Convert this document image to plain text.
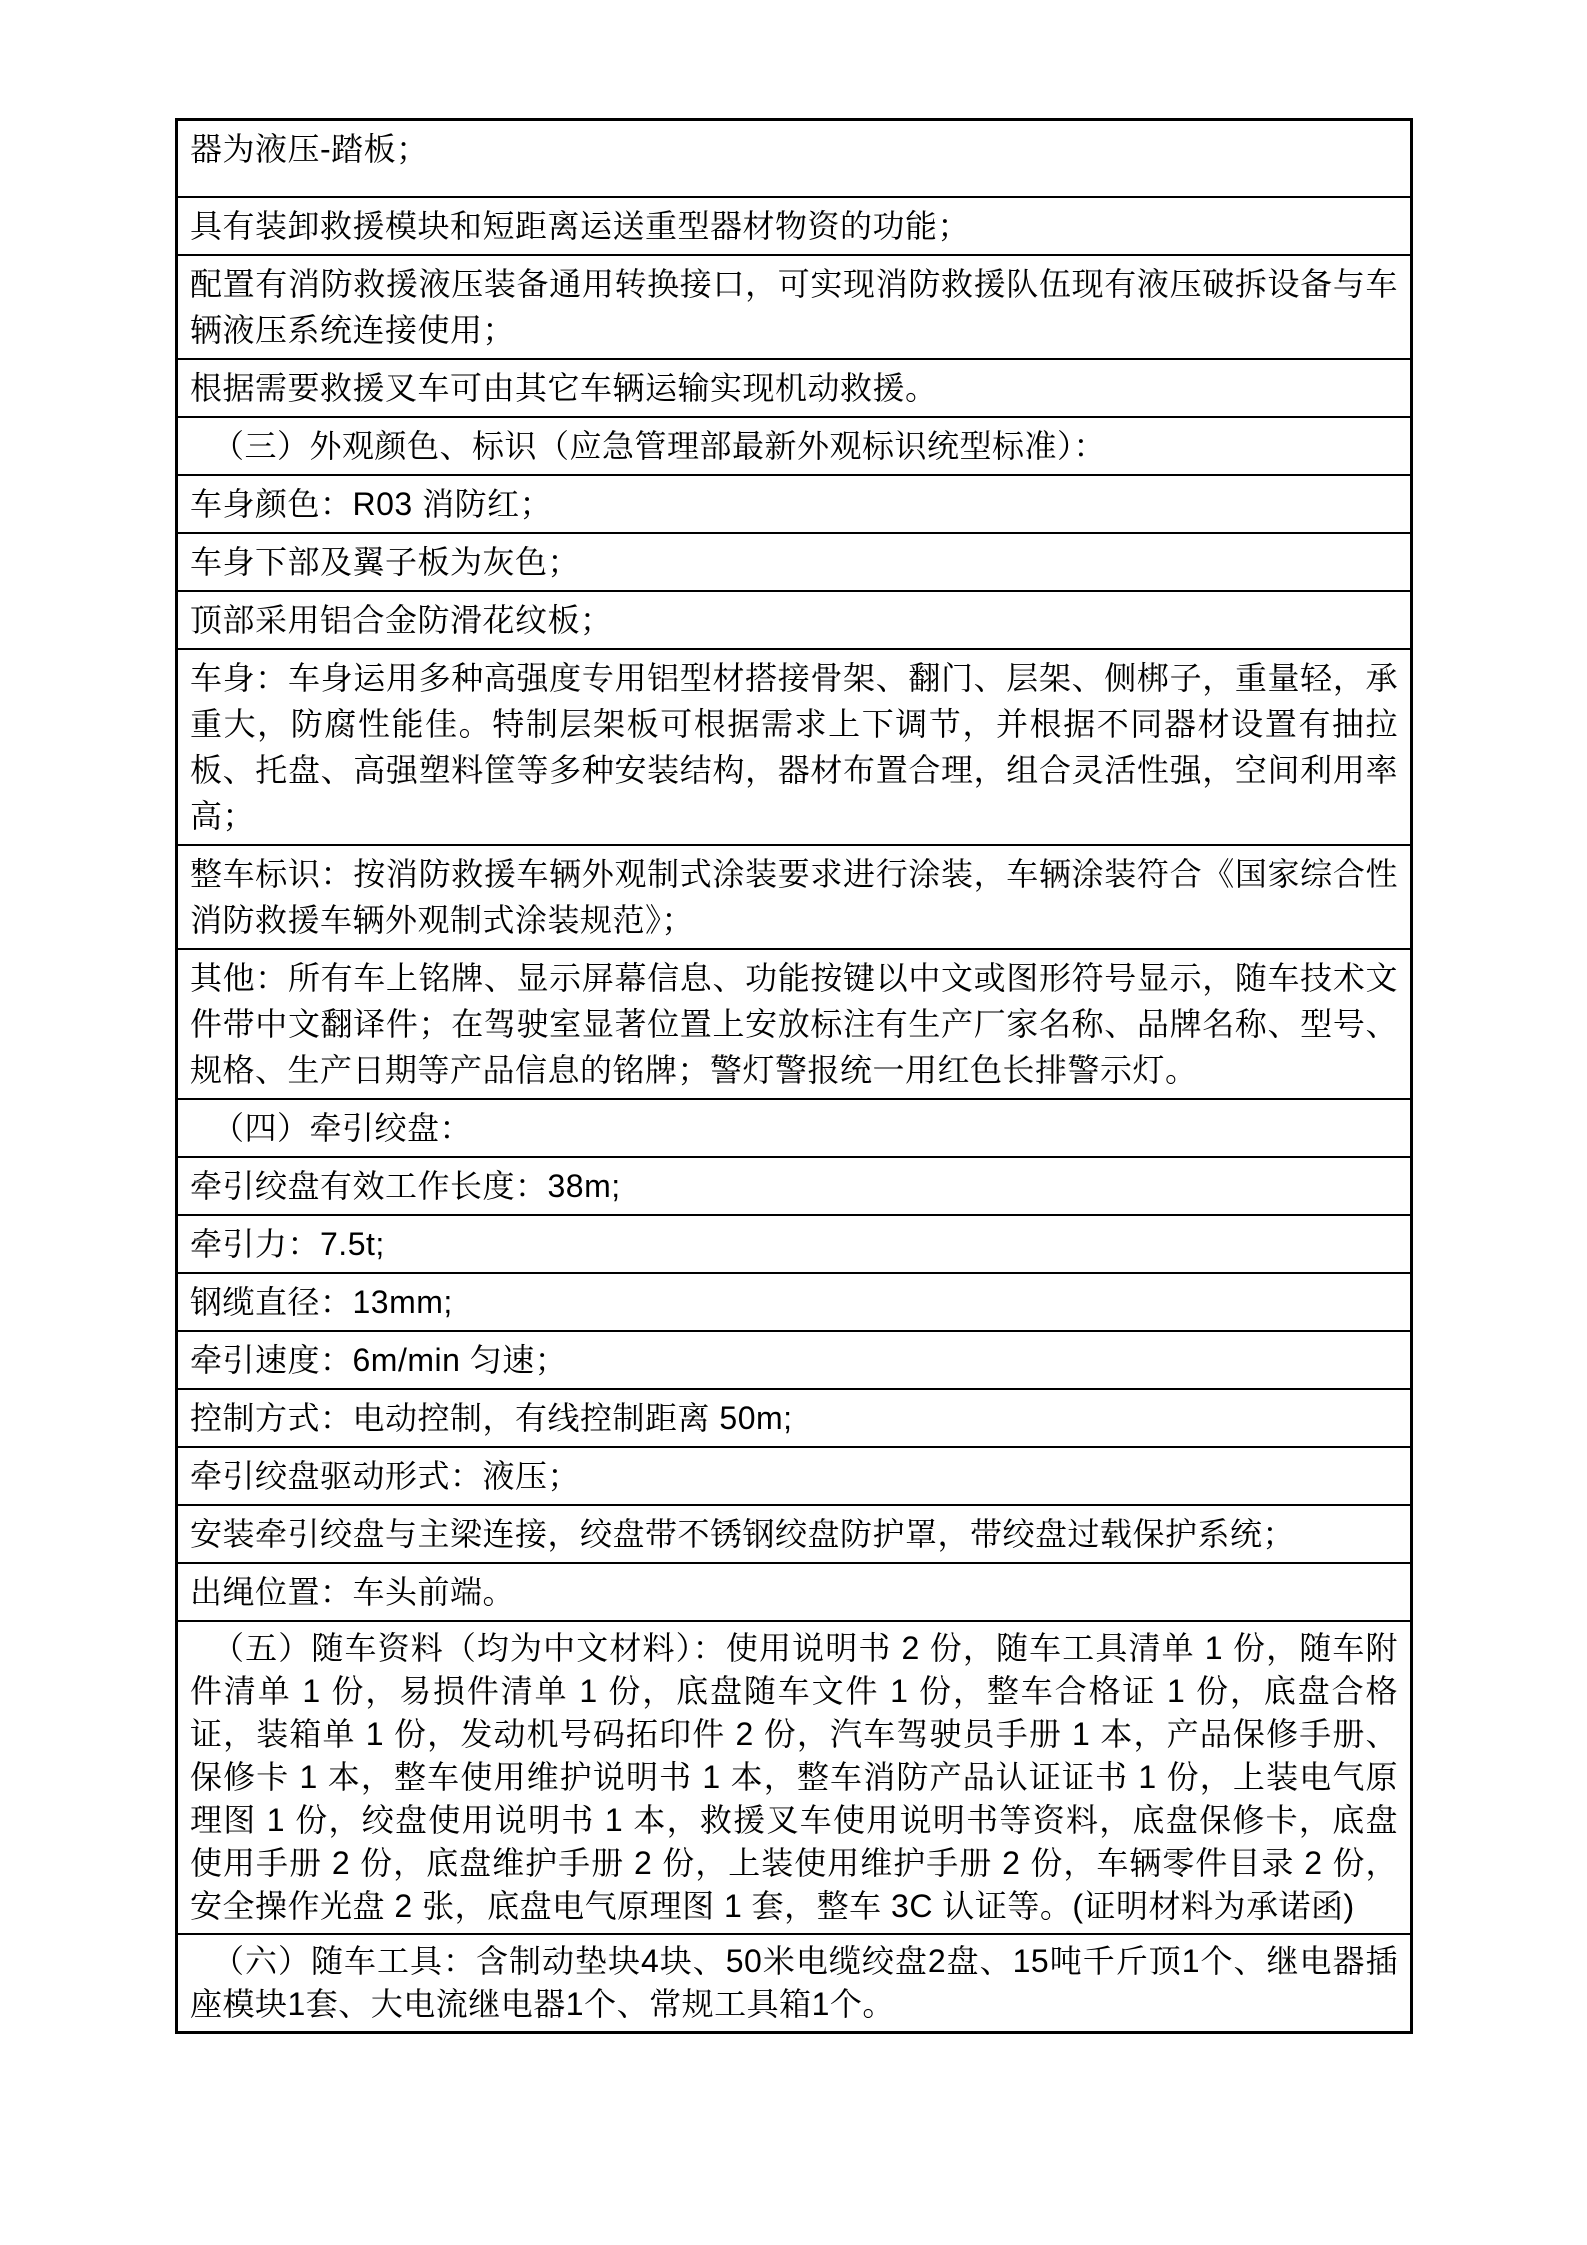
器为液压-踏板；
具有装卸救援模块和短距离运送重型器材物资的功能；
配置有消防救援液压装备通用转换接口，可实现消防救援队伍现有液压破拆设备与车辆液压系统连接使用；
根据需要救援叉车可由其它车辆运输实现机动救援。
（三）外观颜色、标识（应急管理部最新外观标识统型标准）：
车身颜色：R03 消防红；
车身下部及翼子板为灰色；
顶部采用铝合金防滑花纹板；
车身：车身运用多种高强度专用铝型材搭接骨架、翻门、层架、侧梆子，重量轻，承重大，防腐性能佳。特制层架板可根据需求上下调节，并根据不同器材设置有抽拉板、托盘、高强塑料筐等多种安装结构，器材布置合理，组合灵活性强，空间利用率高；
整车标识：按消防救援车辆外观制式涂装要求进行涂装，车辆涂装符合《国家综合性消防救援车辆外观制式涂装规范》；
其他：所有车上铭牌、显示屏幕信息、功能按键以中文或图形符号显示，随车技术文件带中文翻译件；在驾驶室显著位置上安放标注有生产厂家名称、品牌名称、型号、规格、生产日期等产品信息的铭牌；警灯警报统一用红色长排警示灯。
（四）牵引绞盘：
牵引绞盘有效工作长度：38m;
牵引力：7.5t;
钢缆直径：13mm;
牵引速度：6m/min 匀速；
控制方式：电动控制，有线控制距离 50m;
牵引绞盘驱动形式：液压；
安装牵引绞盘与主梁连接，绞盘带不锈钢绞盘防护罩，带绞盘过载保护系统；
出绳位置：车头前端。
（五）随车资料（均为中文材料）：使用说明书 2 份，随车工具清单 1 份，随车附件清单 1 份，易损件清单 1 份，底盘随车文件 1 份，整车合格证 1 份，底盘合格证，装箱单 1 份，发动机号码拓印件 2 份，汽车驾驶员手册 1 本，产品保修手册、保修卡 1 本，整车使用维护说明书 1 本，整车消防产品认证证书 1 份，上装电气原理图 1 份，绞盘使用说明书 1 本，救援叉车使用说明书等资料，底盘保修卡，底盘使用手册 2 份，底盘维护手册 2 份，上装使用维护手册 2 份，车辆零件目录 2 份，安全操作光盘 2 张，底盘电气原理图 1 套，整车 3C 认证等。(证明材料为承诺函)
（六）随车工具：含制动垫块4块、50米电缆绞盘2盘、15吨千斤顶1个、继电器插座模块1套、大电流继电器1个、常规工具箱1个。
